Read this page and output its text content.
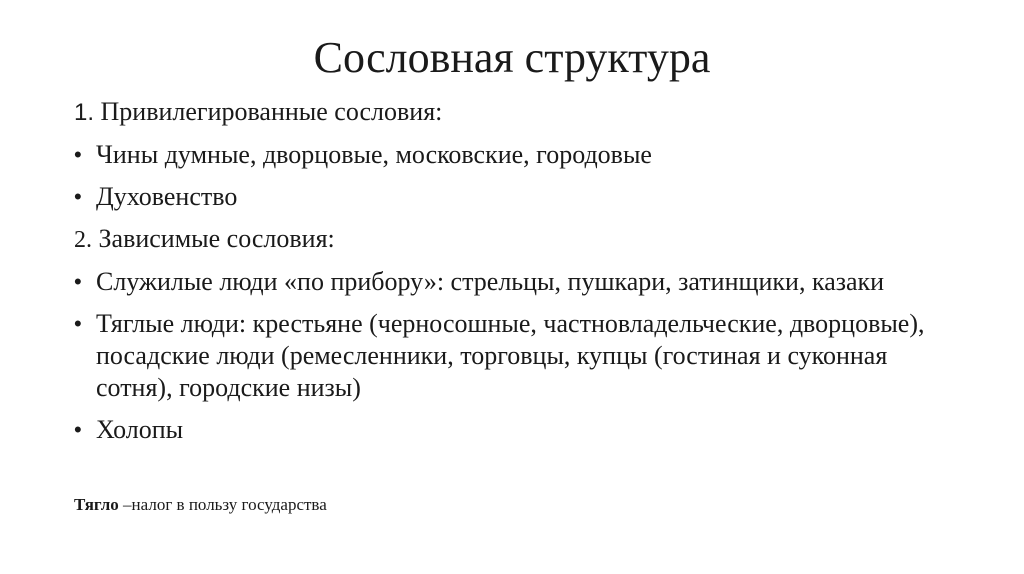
Сословная структура
1. Привилегированные сословия:
• Чины думные, дворцовые, московские, городовые
• Духовенство
2. Зависимые сословия:
• Служилые люди «по прибору»: стрельцы, пушкари, затинщики, казаки
• Тяглые люди: крестьяне (черносошные, частновладельческие, дворцовые), посадские люди (ремесленники, торговцы, купцы (гостиная и суконная сотня), городские низы)
• Холопы
Тягло –налог в пользу государства
